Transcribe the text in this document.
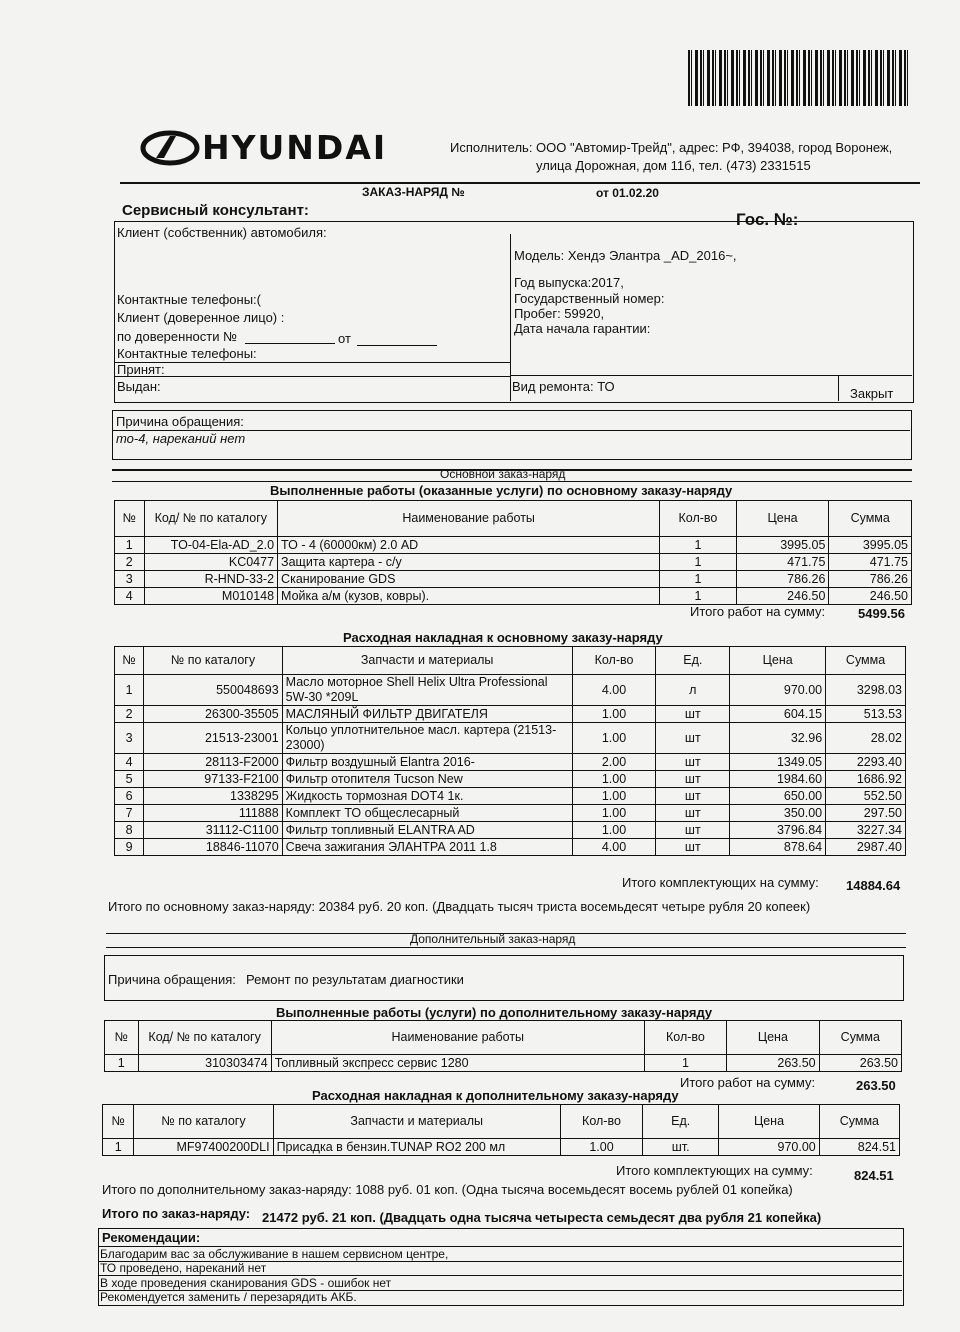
HYUNDAI	Исполнитель: ООО "Автомир-Трейд", адрес: РФ, 394038, город Воронеж,
улица Дорожная, дом 11б, тел. (473) 2331515
ЗАКАЗ-НАРЯД №	от 01.02.20
Сервисный консультант:	Гос. №:
Клиент (собственник) автомобиля:
Контактные телефоны:(
Клиент (доверенное лицо) :
по доверенности №	от
Контактные телефоны:
Принят:
Выдан:
Модель: Хендэ Элантра _AD_2016~,
Год выпуска:2017,
Государственный номер:
Пробег: 59920,
Дата начала гарантии:
Вид ремонта: ТО	Закрыт
Причина обращения:
то-4, нареканий нет
Основной заказ-наряд
Выполненные работы (оказанные услуги) по основному заказу-наряду
№	Код/ № по каталогу	Наименование работы	Кол-во	Цена	Сумма
1	TO-04-Ela-AD_2.0	ТО - 4 (60000км) 2.0 AD	1	3995.05	3995.05
2	KC0477	Защита картера - с/у	1	471.75	471.75
3	R-HND-33-2	Сканирование GDS	1	786.26	786.26
4	M010148	Мойка а/м (кузов, ковры).	1	246.50	246.50
Итого работ на сумму:	5499.56
Расходная накладная к основному заказу-наряду
№	№ по каталогу	Запчасти и материалы	Кол-во	Ед.	Цена	Сумма
1	550048693	Масло моторное Shell Helix Ultra Professional 5W-30 *209L	4.00	л	970.00	3298.03
2	26300-35505	МАСЛЯНЫЙ ФИЛЬТР ДВИГАТЕЛЯ	1.00	шт	604.15	513.53
3	21513-23001	Кольцо уплотнительное масл. картера (21513-23000)	1.00	шт	32.96	28.02
4	28113-F2000	Фильтр воздушный Elantra 2016-	2.00	шт	1349.05	2293.40
5	97133-F2100	Фильтр отопителя Tucson New	1.00	шт	1984.60	1686.92
6	1338295	Жидкость тормозная DOT4 1к.	1.00	шт	650.00	552.50
7	111888	Комплект ТО общеслесарный	1.00	шт	350.00	297.50
8	31112-C1100	Фильтр топливный ELANTRA AD	1.00	шт	3796.84	3227.34
9	18846-11070	Свеча зажигания ЭЛАНТРА 2011 1.8	4.00	шт	878.64	2987.40
Итого комплектующих на сумму: 14884.64
Итого по основному заказ-наряду: 20384 руб. 20 коп. (Двадцать тысяч триста восемьдесят четыре рубля 20 копеек)
Дополнительный заказ-наряд
Причина обращения: Ремонт по результатам диагностики
Выполненные работы (услуги) по дополнительному заказу-наряду
№	Код/ № по каталогу	Наименование работы	Кол-во	Цена	Сумма
1	310303474	Топливный экспресс сервис 1280	1	263.50	263.50
Итого работ на сумму:	263.50
Расходная накладная к дополнительному заказу-наряду
№	№ по каталогу	Запчасти и материалы	Кол-во	Ед.	Цена	Сумма
1	MF97400200DLI	Присадка в бензин.TUNAP RO2 200 мл	1.00	шт.	970.00	824.51
Итого комплектующих на сумму:	824.51
Итого по дополнительному заказ-наряду: 1088 руб. 01 коп. (Одна тысяча восемьдесят восемь рублей 01 копейка)
Итого по заказ-наряду: 21472 руб. 21 коп. (Двадцать одна тысяча четыреста семьдесят два рубля 21 копейка)
Рекомендации:
Благодарим вас за обслуживание в нашем сервисном центре,
ТО проведено, нареканий нет
В ходе проведения сканирования GDS - ошибок нет
Рекомендуется заменить / перезарядить АКБ.
